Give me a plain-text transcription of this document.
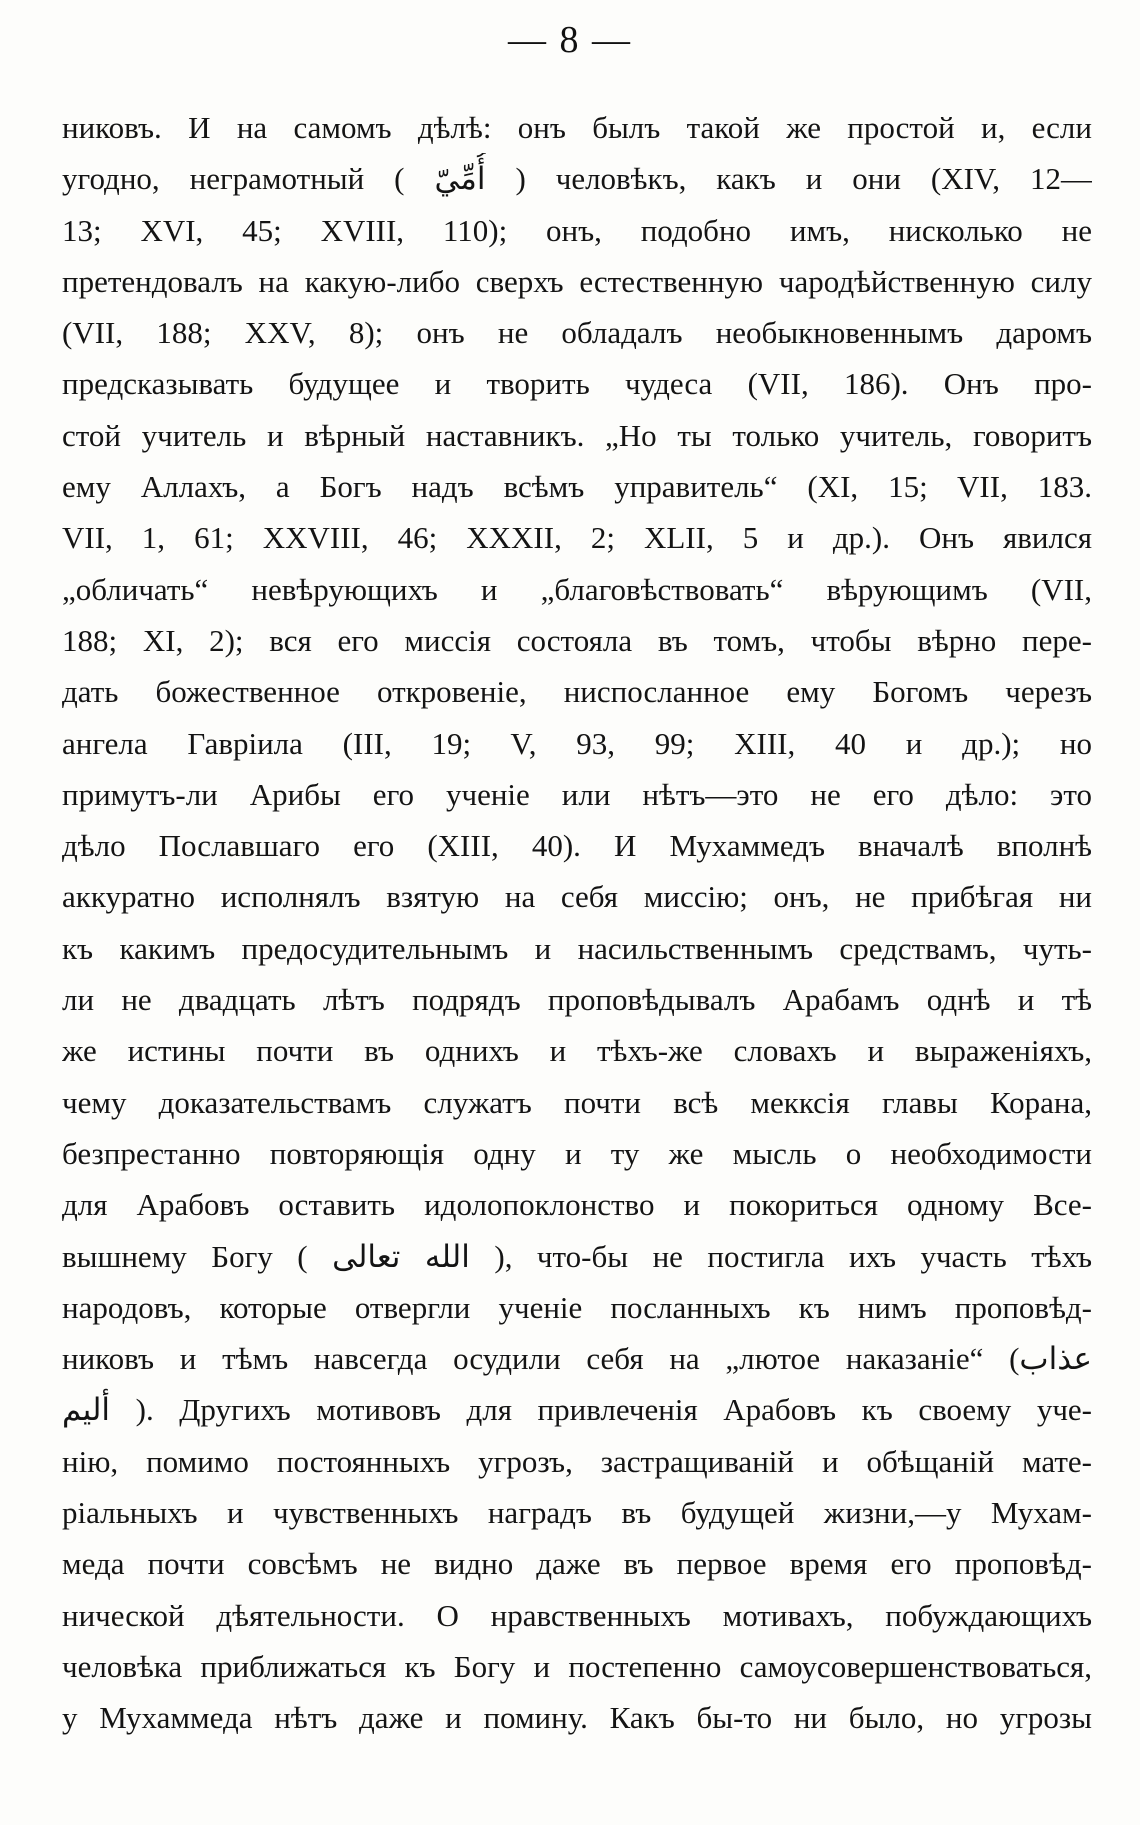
— 8 —
никовъ. И на самомъ дѣлѣ: онъ былъ такой же простой и, если
угодно, неграмотный ( أُمِّيّ ) человѣкъ, какъ и они (XIV, 12—
13; XVI, 45; XVIII, 110); онъ, подобно имъ, нисколько не
претендовалъ на какую-либо сверхъ естественную чародѣйственную силу
(VII, 188; XXV, 8); онъ не обладалъ необыкновеннымъ даромъ
предсказывать будущее и творить чудеса (VII, 186). Онъ про-
стой учитель и вѣрный наставникъ. „Но ты только учитель, говоритъ
ему Аллахъ, а Богъ надъ всѣмъ управитель“ (XI, 15; VII, 183.
VII, 1, 61; XXVIII, 46; XXXII, 2; XLII, 5 и др.). Онъ явился
„обличать“ невѣрующихъ и „благовѣствовать“ вѣрующимъ (VII,
188; XI, 2); вся его миссія состояла въ томъ, чтобы вѣрно пере-
дать божественное откровеніе, ниспосланное ему Богомъ черезъ
ангела Гавріила (III, 19; V, 93, 99; XIII, 40 и др.); но
примутъ-ли Арибы его ученіе или нѣтъ—это не его дѣло: это
дѣло Пославшаго его (XIII, 40). И Мухаммедъ вначалѣ вполнѣ
аккуратно исполнялъ взятую на себя миссію; онъ, не прибѣгая ни
къ какимъ предосудительнымъ и насильственнымъ средствамъ, чуть-
ли не двадцать лѣтъ подрядъ проповѣдывалъ Арабамъ однѣ и тѣ
же истины почти въ однихъ и тѣхъ-же словахъ и выраженіяхъ,
чему доказательствамъ служатъ почти всѣ мекксія главы Корана,
безпрестанно повторяющія одну и ту же мысль о необходимости
для Арабовъ оставить идолопоклонство и покориться одному Все-
вышнему Богу ( الله تعالى ), что-бы не постигла ихъ участь тѣхъ
народовъ, которые отвергли ученіе посланныхъ къ нимъ проповѣд-
никовъ и тѣмъ навсегда осудили себя на „лютое наказаніе“ (عذاب
أليم ). Другихъ мотивовъ для привлеченія Арабовъ къ своему уче-
нію, помимо постоянныхъ угрозъ, застращиваній и обѣщаній мате-
ріальныхъ и чувственныхъ наградъ въ будущей жизни,—у Мухам-
меда почти совсѣмъ не видно даже въ первое время его проповѣд-
нической дѣятельности. О нравственныхъ мотивахъ, побуждающихъ
человѣка приближаться къ Богу и постепенно самоусовершенствоваться,
у Мухаммеда нѣтъ даже и помину. Какъ бы-то ни было, но угрозы
